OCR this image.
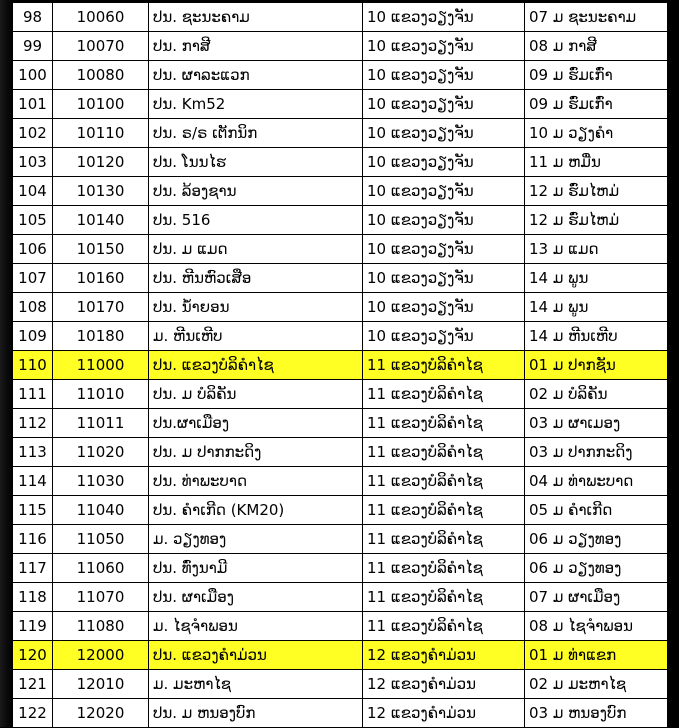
98	10060	ປນ. ຊະນະຄາມ	10 ແຂວງວຽງຈັນ	07 ມ ຊະນະຄາມ
99	10070	ປນ. ກາສີ	10 ແຂວງວຽງຈັນ	08 ມ ກາສີ
100	10080	ປນ. ຜາລະແວກ	10 ແຂວງວຽງຈັນ	09 ມ ຮົ່ມເກົ່າ
101	10100	ປນ. Km52	10 ແຂວງວຽງຈັນ	09 ມ ຮົ່ມເກົ່າ
102	10110	ປນ. ຣ/ຣ ເຕັກນິກ	10 ແຂວງວຽງຈັນ	10 ມ ວຽງຄໍາ
103	10120	ປນ. ໂນນໄຮ	10 ແຂວງວຽງຈັນ	11 ມ ຫມື່ນ
104	10130	ປນ. ລ້ອງຊານ	10 ແຂວງວຽງຈັນ	12 ມ ຮົ່ມໄຫມ່
105	10140	ປນ. 516	10 ແຂວງວຽງຈັນ	12 ມ ຮົ່ມໄຫມ່
106	10150	ປນ. ມ ແມດ	10 ແຂວງວຽງຈັນ	13 ມ ແມດ
107	10160	ປນ. ຫີນຫົວເສືອ	10 ແຂວງວຽງຈັນ	14 ມ ພູນ
108	10170	ປນ. ນໍ້າຍອນ	10 ແຂວງວຽງຈັນ	14 ມ ພູນ
109	10180	ມ. ຫີນເຫີບ	10 ແຂວງວຽງຈັນ	14 ມ ຫີນເຫີບ
110	11000	ປນ. ແຂວງບໍລິຄໍາໄຊ	11 ແຂວງບໍລິຄໍາໄຊ	01 ມ ປາກຊັນ
111	11010	ປນ. ມ ບໍລິຄັນ	11 ແຂວງບໍລິຄໍາໄຊ	02 ມ ບໍລິຄັນ
112	11011	ປນ.ຜາເມືອງ	11 ແຂວງບໍລິຄໍາໄຊ	03 ມ ຜາເມອງ
113	11020	ປນ. ມ ປາກກະດິງ	11 ແຂວງບໍລິຄໍາໄຊ	03 ມ ປາກກະດິງ
114	11030	ປນ. ທ່າພະບາດ	11 ແຂວງບໍລິຄໍາໄຊ	04 ມ ທ່າພະບາດ
115	11040	ປນ. ຄໍາເກີດ (KM20)	11 ແຂວງບໍລິຄໍາໄຊ	05 ມ ຄໍາເກີດ
116	11050	ມ. ວຽງທອງ	11 ແຂວງບໍລິຄໍາໄຊ	06 ມ ວຽງທອງ
117	11060	ປນ. ທົ່ງນາມີ	11 ແຂວງບໍລິຄໍາໄຊ	06 ມ ວຽງທອງ
118	11070	ປນ. ຜາເມືອງ	11 ແຂວງບໍລິຄໍາໄຊ	07 ມ ຜາເມືອງ
119	11080	ມ. ໄຊຈໍາພອນ	11 ແຂວງບໍລິຄໍາໄຊ	08 ມ ໄຊຈໍາພອນ
120	12000	ປນ. ແຂວງຄໍາມ່ວນ	12 ແຂວງຄໍາມ່ວນ	01 ມ ທ່າແຂກ
121	12010	ມ. ມະຫາໄຊ	12 ແຂວງຄໍາມ່ວນ	02 ມ ມະຫາໄຊ
122	12020	ປນ. ມ ຫນອງບົກ	12 ແຂວງຄໍາມ່ວນ	03 ມ ຫນອງບົກ
